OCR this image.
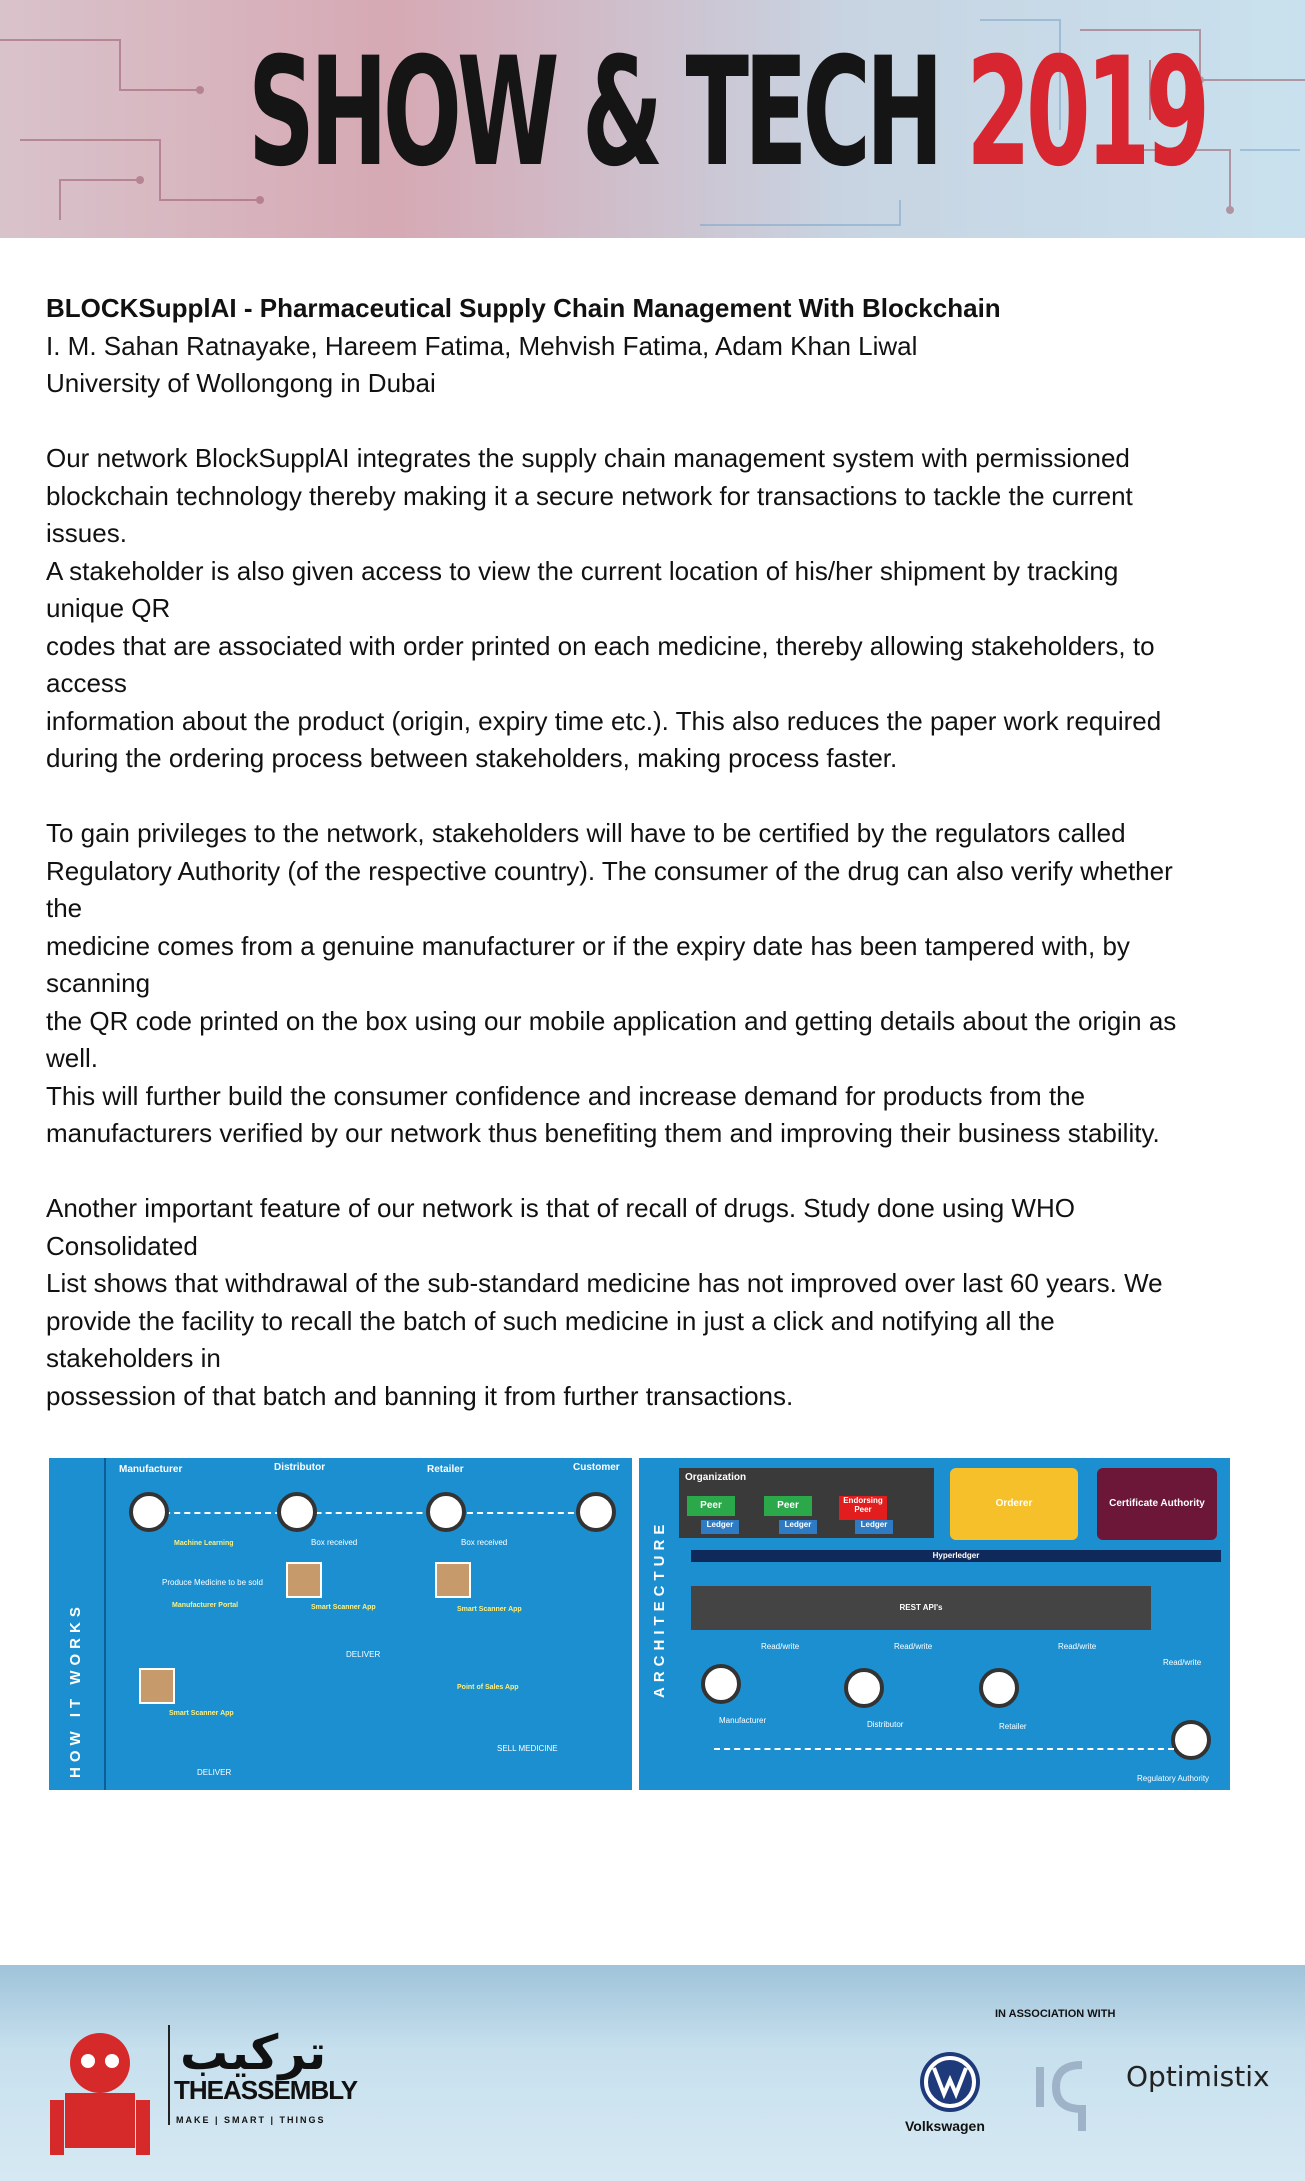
SHOW & TECH 2019

BLOCKSupplAI - Pharmaceutical Supply Chain Management With Blockchain

I. M. Sahan Ratnayake, Hareem Fatima, Mehvish Fatima, Adam Khan Liwal

University of Wollongong in Dubai

Our network BlockSupplAI integrates the supply chain management system with permissioned

blockchain technology thereby making it a secure network for transactions to tackle the current

issues.

A stakeholder is also given access to view the current location of his/her shipment by tracking

unique QR

codes that are associated with order printed on each medicine, thereby allowing stakeholders, to

access

information about the product (origin, expiry time etc.). This also reduces the paper work required

during the ordering process between stakeholders, making process faster.

To gain privileges to the network, stakeholders will have to be certified by the regulators called

Regulatory Authority (of the respective country). The consumer of the drug can also verify whether

the

medicine comes from a genuine manufacturer or if the expiry date has been tampered with, by

scanning

the QR code printed on the box using our mobile application and getting details about the origin as

well.

This will further build the consumer confidence and increase demand for products from the

manufacturers verified by our network thus benefiting them and improving their business stability.

Another important feature of our network is that of recall of drugs. Study done using WHO

Consolidated

List shows that withdrawal of the sub-standard medicine has not improved over last 60 years. We

provide the facility to recall the batch of such medicine in just a click and notifying all the

stakeholders in

possession of that batch and banning it from further transactions.

HOW IT WORKS
Manufacturer	Distributor	Retailer	Customer
Machine Learning
Produce Medicine to be sold
Manufacturer Portal
Smart Scanner App
Smart Scanner App	Smart Scanner App
Box received	Box received
DELIVER
DELIVER
Point of Sales App
SELL MEDICINE
ARCHITECTURE
Organization
Peer	Peer	Endorsing Peer
Ledger	Ledger	Ledger
Orderer	Certificate Authority
Hyperledger
REST API's
Read/write	Read/write	Read/write
Read/write
Manufacturer	Distributor	Retailer
Regulatory Authority
تركيب
THEASSEMBLY
MAKE | SMART | THINGS
IN ASSOCIATION WITH
Volkswagen
Optimistix
